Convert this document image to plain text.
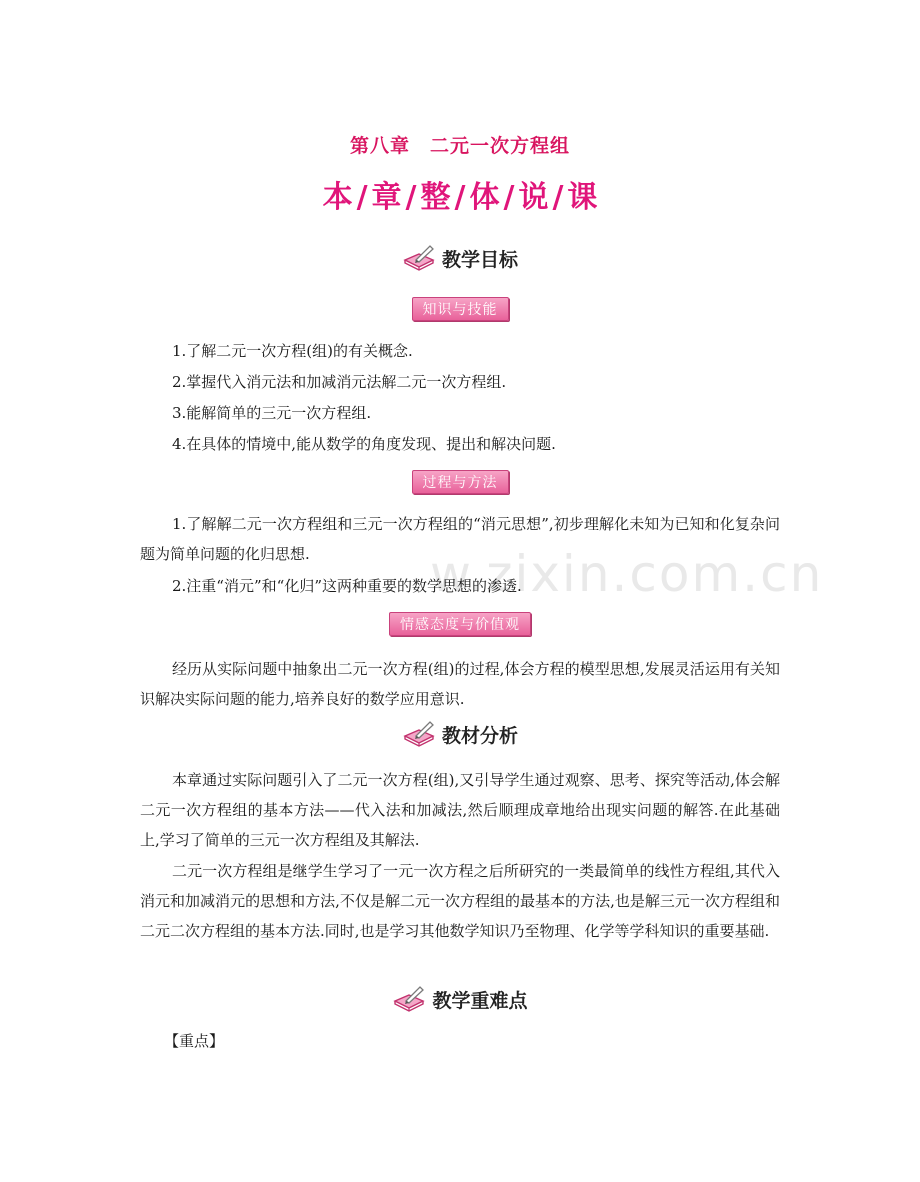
w.zixin.com.cn
第八章　二元一次方程组
本 / 章 / 整 / 体 / 说 / 课
教学目标
知识与技能
1.了解二元一次方程(组)的有关概念.
2.掌握代入消元法和加减消元法解二元一次方程组.
3.能解简单的三元一次方程组.
4.在具体的情境中,能从数学的角度发现、提出和解决问题.
过程与方法
1.了解解二元一次方程组和三元一次方程组的“消元思想”,初步理解化未知为已知和化复杂问题为简单问题的化归思想.
2.注重“消元”和“化归”这两种重要的数学思想的渗透.
情感态度与价值观
经历从实际问题中抽象出二元一次方程(组)的过程,体会方程的模型思想,发展灵活运用有关知识解决实际问题的能力,培养良好的数学应用意识.
教材分析
本章通过实际问题引入了二元一次方程(组),又引导学生通过观察、思考、探究等活动,体会解二元一次方程组的基本方法——代入法和加减法,然后顺理成章地给出现实问题的解答.在此基础上,学习了简单的三元一次方程组及其解法.
二元一次方程组是继学生学习了一元一次方程之后所研究的一类最简单的线性方程组,其代入消元和加减消元的思想和方法,不仅是解二元一次方程组的最基本的方法,也是解三元一次方程组和二元二次方程组的基本方法.同时,也是学习其他数学知识乃至物理、化学等学科知识的重要基础.
教学重难点
【重点】
